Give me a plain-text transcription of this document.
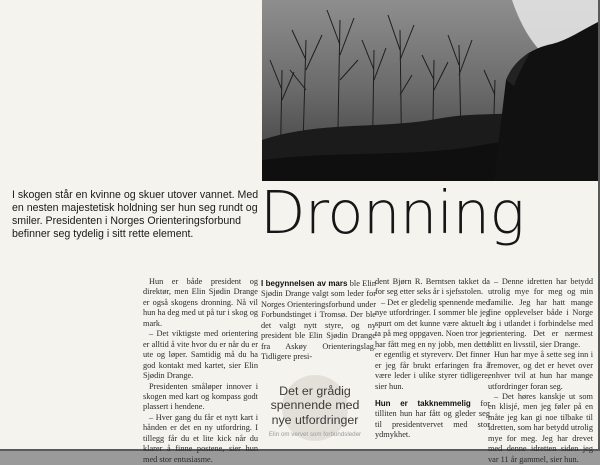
I skogen står en kvinne og skuer utover vannet. Med en nesten majestetisk holdning ser hun seg rundt og smiler. Presidenten i Norges Orienteringsforbund befinner seg tydelig i sitt rette element.	Dronning

Hun er både president og direktør, men Elin Sjødin Drange er også skogens dronning. Nå vil hun ha deg med ut på tur i skog og mark.

– Det viktigste med orientering er alltid å vite hvor du er når du er ute og løper. Samtidig må du ha god kontakt med kartet, sier Elin Sjødin Drange.

Presidenten småløper innover i skogen med kart og kompass godt plassert i hendene.

– Hver gang du får et nytt kart i hånden er det en ny utfordring. I tillegg får du et lite kick når du klarer å finne postene, sier hun med stor entusiasme.

I begynnelsen av mars ble Elin Sjødin Drange valgt som leder for Norges Orienteringsforbund under Forbundstinget i Tromsø. Der ble det valgt nytt styre, og ny president ble Elin Sjødin Drange fra Askøy Orienteringslag. Tidligere presi-

Det er grådig spennende med nye utfordringer
Elin om vervet som forbundsleder

dent Bjørn R. Berntsen takket da for seg etter seks år i sjefsstolen.

– Det er gledelig spennende med nye utfordringer. I sommer ble jeg spurt om det kunne være aktuelt å ta på meg oppgaven. Noen tror jeg har fått meg en ny jobb, men dette er egentlig et styreverv. Det finner er jeg får brukt erfaringen fra å være leder i ulike styrer tidligere, sier hun.

Hun er takknemmelig for tilliten hun har fått og gleder seg til presidentvervet med stor ydmykhet.

– Denne idretten har betydd utrolig mye for meg og min familie. Jeg har hatt mange fine opplevelser både i Norge og i utlandet i forbindelse med orientering. Det er nærmest blitt en livsstil, sier Drange.

Hun har mye å sette seg inn i fremover, og det er hevet over enhver tvil at hun har mange utfordringer foran seg.

– Det høres kanskje ut som en klisjé, men jeg føler på en måte jeg kan gi noe tilbake til idretten, som har betydd utrolig mye for meg. Jeg har drevet med denne idretten siden jeg var 11 år gammel, sier hun.
